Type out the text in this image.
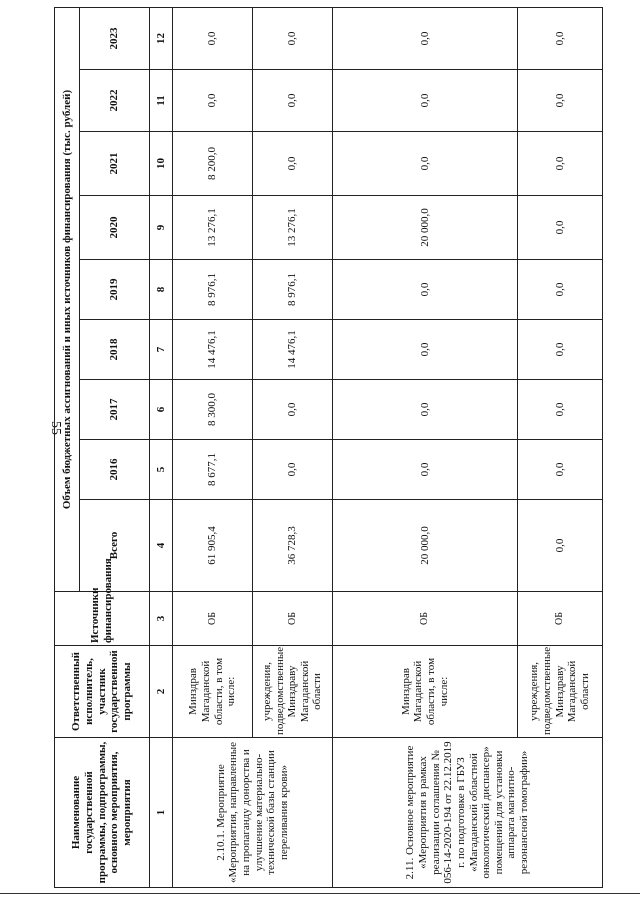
55
Наименование государственной программы, подпрограммы, основного мероприятия, мероприятия	Ответственный исполнитель, участник государственной программы	Источники финансирования	Объем бюджетных ассигнований и иных источников финансирования (тыс. рублей)								
			Всего	2016	2017	2018	2019	2020	2021	2022	2023
1	2	3	4	5	6	7	8	9	10	11	12
2.10.1. Мероприятие «Мероприятия, направленные на пропаганду донорства и улучшение материально-технической базы станции переливания крови»	Минздрав Магаданской области, в том числе:	ОБ	61 905,4	8 677,1	8 300,0	14 476,1	8 976,1	13 276,1	8 200,0	0,0	0,0
	учреждения, подведомственные Минздраву Магаданской области	ОБ	36 728,3	0,0	0,0	14 476,1	8 976,1	13 276,1	0,0	0,0	0,0
2.11. Основное мероприятие «Мероприятия в рамках реализации соглашения № 056-14-2020-194 от 22.12.2019 г. по подготовке в ГБУЗ «Магаданский областной онкологический диспансер» помещений для установки аппарата магнитно-резонансной томографии»	Минздрав Магаданской области, в том числе:	ОБ	20 000,0	0,0	0,0	0,0	0,0	20 000,0	0,0	0,0	0,0
	учреждения, подведомственные Минздраву Магаданской области	ОБ	0,0	0,0	0,0	0,0	0,0	0,0	0,0	0,0	0,0
